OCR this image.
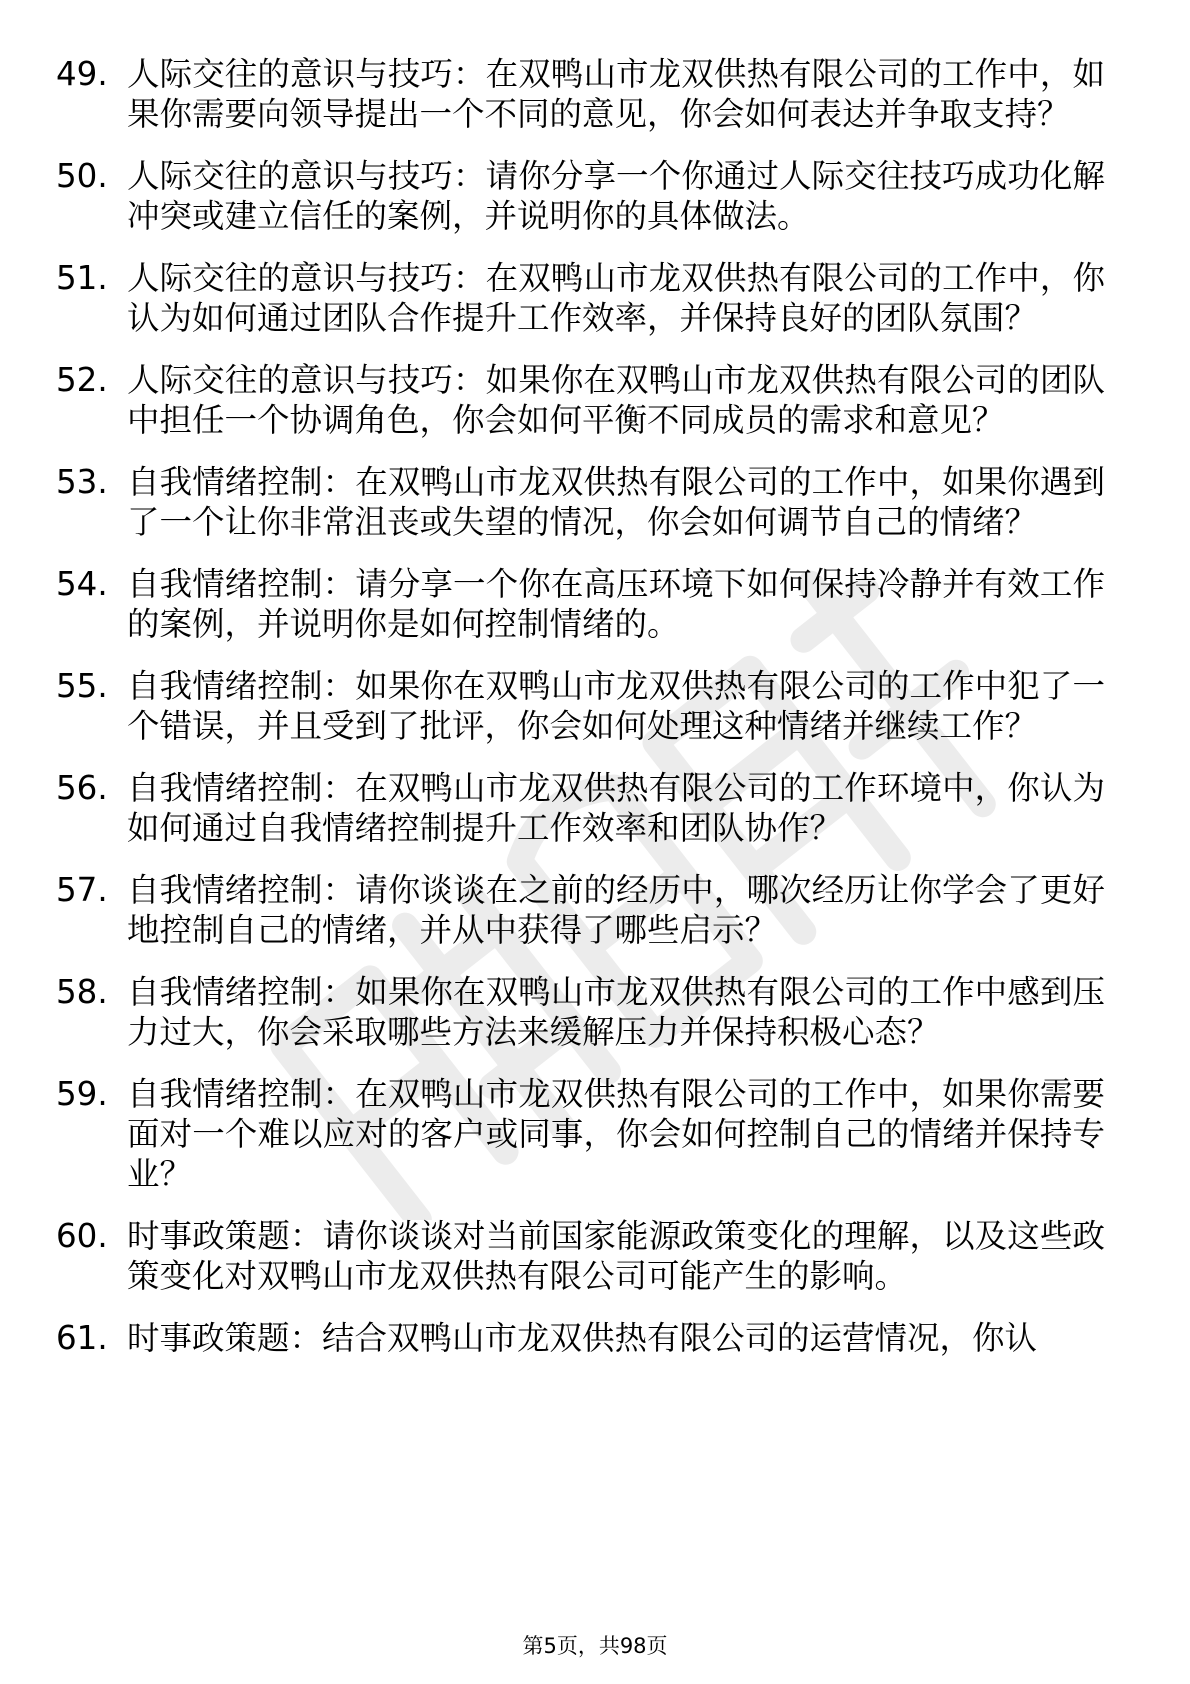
49. 人际交往的意识与技巧：在双鸭山市龙双供热有限公司的工作中，如果你需要向领导提出一个不同的意见，你会如何表达并争取支持？
50. 人际交往的意识与技巧：请你分享一个你通过人际交往技巧成功化解冲突或建立信任的案例，并说明你的具体做法。
51. 人际交往的意识与技巧：在双鸭山市龙双供热有限公司的工作中，你认为如何通过团队合作提升工作效率，并保持良好的团队氛围？
52. 人际交往的意识与技巧：如果你在双鸭山市龙双供热有限公司的团队中担任一个协调角色，你会如何平衡不同成员的需求和意见？
53. 自我情绪控制：在双鸭山市龙双供热有限公司的工作中，如果你遇到了一个让你非常沮丧或失望的情况，你会如何调节自己的情绪？
54. 自我情绪控制：请分享一个你在高压环境下如何保持冷静并有效工作的案例，并说明你是如何控制情绪的。
55. 自我情绪控制：如果你在双鸭山市龙双供热有限公司的工作中犯了一个错误，并且受到了批评，你会如何处理这种情绪并继续工作？
56. 自我情绪控制：在双鸭山市龙双供热有限公司的工作环境中，你认为如何通过自我情绪控制提升工作效率和团队协作？
57. 自我情绪控制：请你谈谈在之前的经历中，哪次经历让你学会了更好地控制自己的情绪，并从中获得了哪些启示？
58. 自我情绪控制：如果你在双鸭山市龙双供热有限公司的工作中感到压力过大，你会采取哪些方法来缓解压力并保持积极心态？
59. 自我情绪控制：在双鸭山市龙双供热有限公司的工作中，如果你需要面对一个难以应对的客户或同事，你会如何控制自己的情绪并保持专业？
60. 时事政策题：请你谈谈对当前国家能源政策变化的理解，以及这些政策变化对双鸭山市龙双供热有限公司可能产生的影响。
61. 时事政策题：结合双鸭山市龙双供热有限公司的运营情况，你认
第5页，共98页
